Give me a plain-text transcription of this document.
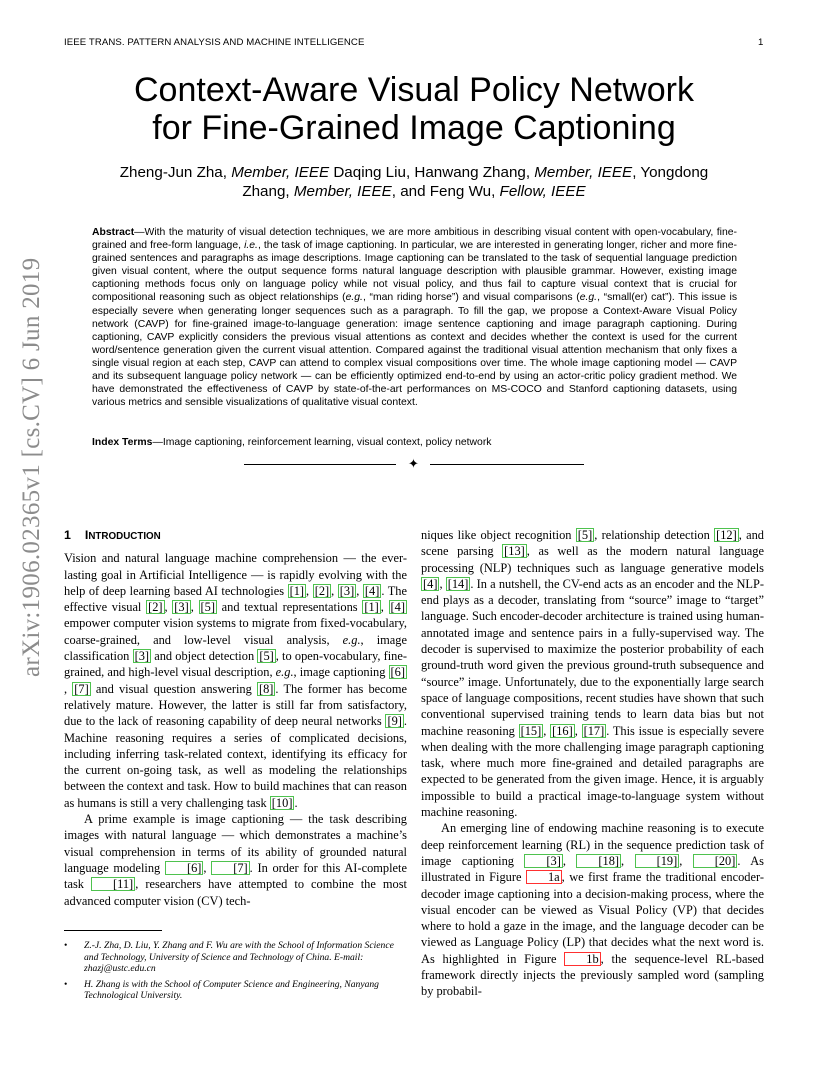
IEEE TRANS. PATTERN ANALYSIS AND MACHINE INTELLIGENCE	1
Context-Aware Visual Policy Network
for Fine-Grained Image Captioning
Zheng-Jun Zha, Member, IEEE Daqing Liu, Hanwang Zhang, Member, IEEE, Yongdong
Zhang, Member, IEEE, and Feng Wu, Fellow, IEEE
Abstract—With the maturity of visual detection techniques, we are more ambitious in describing visual content with open-vocabulary, fine-grained and free-form language, i.e., the task of image captioning. In particular, we are interested in generating longer, richer and more fine-grained sentences and paragraphs as image descriptions. Image captioning can be translated to the task of sequential language prediction given visual content, where the output sequence forms natural language description with plausible grammar. However, existing image captioning methods focus only on language policy while not visual policy, and thus fail to capture visual context that is crucial for compositional reasoning such as object relationships (e.g., “man riding horse”) and visual comparisons (e.g., “small(er) cat”). This issue is especially severe when generating longer sequences such as a paragraph. To fill the gap, we propose a Context-Aware Visual Policy network (CAVP) for fine-grained image-to-language generation: image sentence captioning and image paragraph captioning. During captioning, CAVP explicitly considers the previous visual attentions as context and decides whether the context is used for the current word/sentence generation given the current visual attention. Compared against the traditional visual attention mechanism that only fixes a single visual region at each step, CAVP can attend to complex visual compositions over time. The whole image captioning model — CAVP and its subsequent language policy network — can be efficiently optimized end-to-end by using an actor-critic policy gradient method. We have demonstrated the effectiveness of CAVP by state-of-the-art performances on MS-COCO and Stanford captioning datasets, using various metrics and sensible visualizations of qualitative visual context.
Index Terms—Image captioning, reinforcement learning, visual context, policy network
✦
arXiv:1906.02365v1 [cs.CV] 6 Jun 2019 1 INTRODUCTION

Vision and natural language machine comprehension — the ever-lasting goal in Artificial Intelligence — is rapidly evolving with the help of deep learning based AI technologies [1] , [2] , [3] , [4] . The effective visual [2] , [3] , [5] and textual representations [1] , [4] empower computer vision systems to migrate from fixed-vocabulary, coarse-grained, and low-level visual analysis, e.g., image classification [3] and object detection [5] , to open-vocabulary, fine-grained, and high-level visual description, e.g., image captioning [6], [7] and visual question answering [8] . The former has become relatively mature. However, the latter is still far from satisfactory, due to the lack of reasoning capability of deep neural networks [9] . Machine reasoning requires a series of complicated decisions, including inferring task-related context, identifying its efficacy for the current on-going task, as well as modeling the relationships between the context and task. How to build machines that can reason as humans is still a very challenging task [10] .

A prime example is image captioning — the task describing images with natural language — which demonstrates a machine’s visual comprehension in terms of its ability of grounded natural language modeling [6] , [7] . In order for this AI-complete task [11] , researchers have attempted to combine the most advanced computer vision (CV) tech-

• Z.-J. Zha, D. Liu, Y. Zhang and F. Wu are with the School of Information Science and Technology, University of Science and Technology of China. E-mail: zhazj@ustc.edu.cn
• H. Zhang is with the School of Computer Science and Engineering, Nanyang Technological University.

niques like object recognition [5] , relationship detection [12] , and scene parsing [13] , as well as the modern natural language processing (NLP) techniques such as language generative models [4] , [14] . In a nutshell, the CV-end acts as an encoder and the NLP-end plays as a decoder, translating from “source” image to “target” language. Such encoder-decoder architecture is trained using human-annotated image and sentence pairs in a fully-supervised way. The decoder is supervised to maximize the posterior probability of each ground-truth word given the previous ground-truth subsequence and “source” image. Unfortunately, due to the exponentially large search space of language compositions, recent studies have shown that such conventional supervised training tends to learn data bias but not machine reasoning [15] , [16] , [17] . This issue is especially severe when dealing with the more challenging image paragraph captioning task, where much more fine-grained and detailed paragraphs are expected to be generated from the given image. Hence, it is arguably impossible to build a practical image-to-language system without machine reasoning.

An emerging line of endowing machine reasoning is to execute deep reinforcement learning (RL) in the sequence prediction task of image captioning [3] , [18] , [19] , [20] . As illustrated in Figure 1a , we first frame the traditional encoder-decoder image captioning into a decision-making process, where the visual encoder can be viewed as Visual Policy (VP) that decides where to hold a gaze in the image, and the language decoder can be viewed as Language Policy (LP) that decides what the next word is. As highlighted in Figure 1b , the sequence-level RL-based framework directly injects the previously sampled word (sampling by probabil-
